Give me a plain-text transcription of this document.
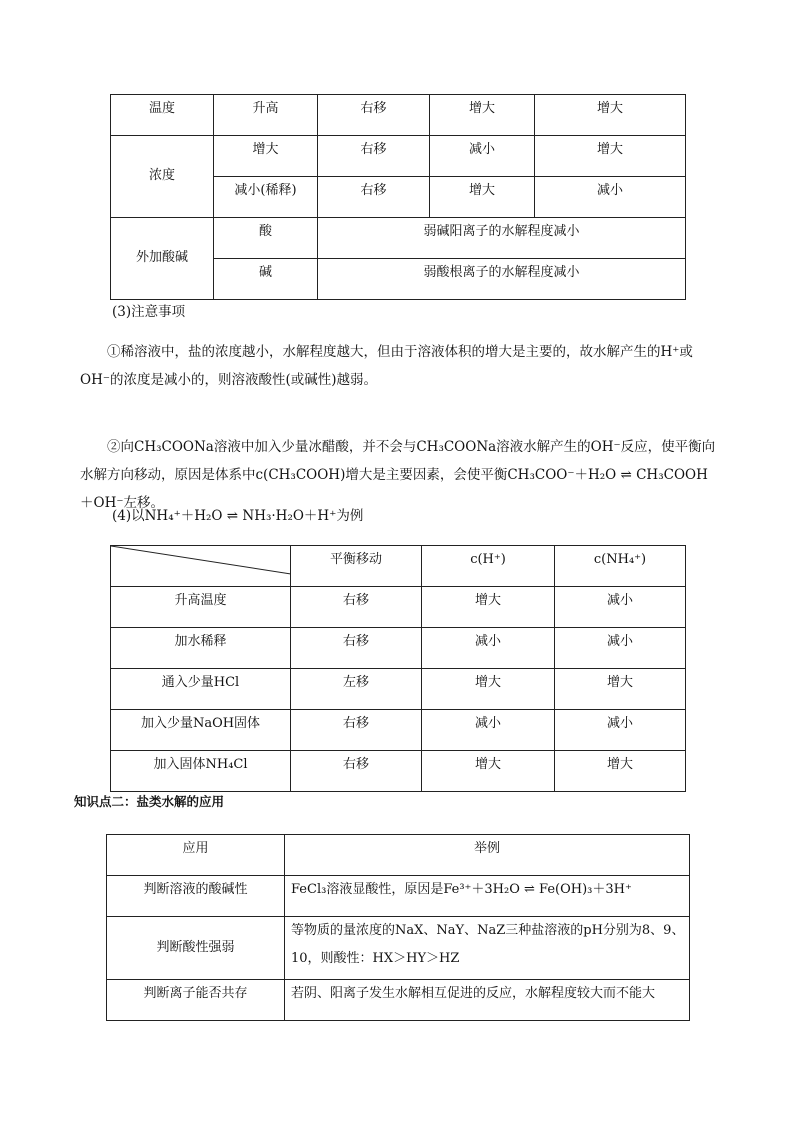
温度	升高	右移	增大	增大
浓度	增大	右移	减小	增大
	减小(稀释)	右移	增大	减小
外加酸碱	酸	弱碱阳离子的水解程度减小		
	碱	弱酸根离子的水解程度减小		
(3)注意事项
①稀溶液中，盐的浓度越小，水解程度越大，但由于溶液体积的增大是主要的，故水解产生的H⁺或OH⁻的浓度是减小的，则溶液酸性(或碱性)越弱。
②向CH₃COONa溶液中加入少量冰醋酸，并不会与CH₃COONa溶液水解产生的OH⁻反应，使平衡向水解方向移动，原因是体系中c(CH₃COOH)增大是主要因素，会使平衡CH₃COO⁻＋H₂O ⇌ CH₃COOH＋OH⁻左移。
(4)以NH₄⁺＋H₂O ⇌ NH₃·H₂O＋H⁺为例
	平衡移动	c(H⁺)	c(NH₄⁺)
升高温度	右移	增大	减小
加水稀释	右移	减小	减小
通入少量HCl	左移	增大	增大
加入少量NaOH固体	右移	减小	减小
加入固体NH₄Cl	右移	增大	增大
知识点二：盐类水解的应用
应用	举例
判断溶液的酸碱性	FeCl₃溶液显酸性，原因是Fe³⁺＋3H₂O ⇌ Fe(OH)₃＋3H⁺
判断酸性强弱	等物质的量浓度的NaX、NaY、NaZ三种盐溶液的pH分别为8、9、10，则酸性：HX＞HY＞HZ
判断离子能否共存	若阴、阳离子发生水解相互促进的反应，水解程度较大而不能大
